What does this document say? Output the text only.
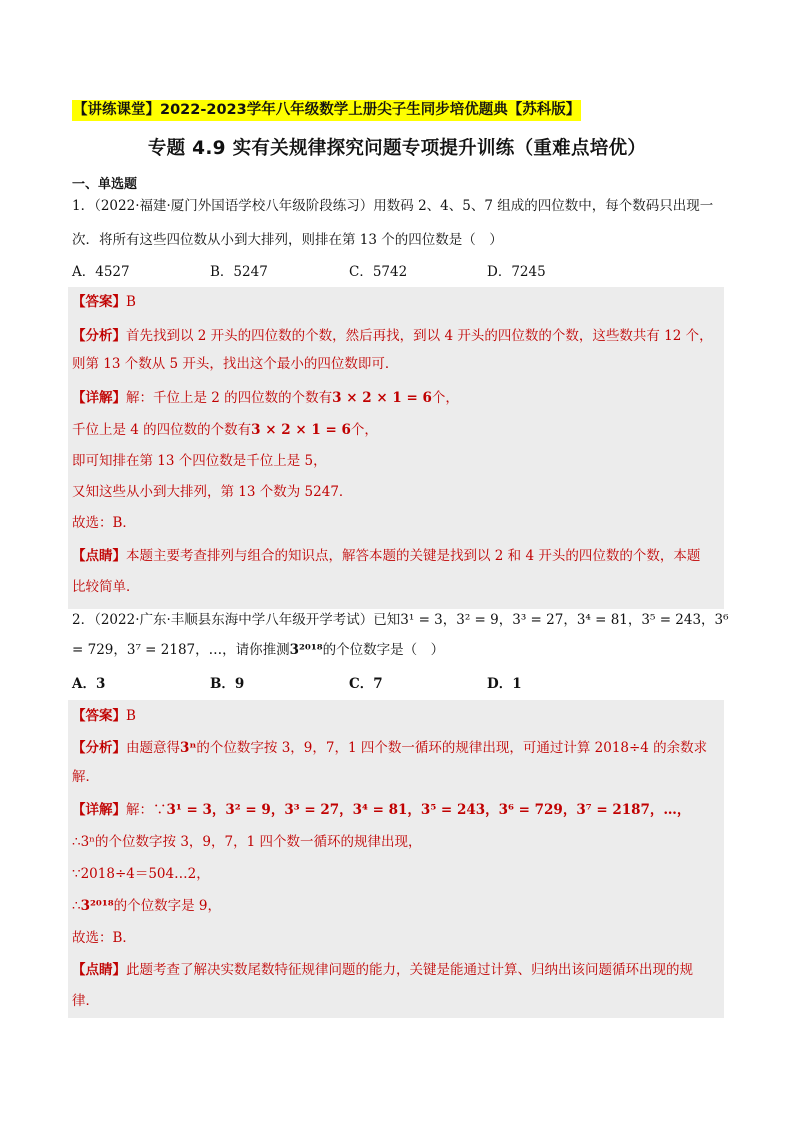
【讲练课堂】2022-2023学年八年级数学上册尖子生同步培优题典【苏科版】
专题 4.9 实有关规律探究问题专项提升训练（重难点培优）
一、单选题
1．（2022·福建·厦门外国语学校八年级阶段练习）用数码 2、4、5、7 组成的四位数中，每个数码只出现一
次．将所有这些四位数从小到大排列，则排在第 13 个的四位数是（　）
A．4527	B．5247	C．5742	D．7245
【答案】B
【分析】首先找到以 2 开头的四位数的个数，然后再找，到以 4 开头的四位数的个数，这些数共有 12 个，
则第 13 个数从 5 开头，找出这个最小的四位数即可．
【详解】解：千位上是 2 的四位数的个数有3 × 2 × 1 = 6个，
千位上是 4 的四位数的个数有3 × 2 × 1 = 6个，
即可知排在第 13 个四位数是千位上是 5，
又知这些从小到大排列，第 13 个数为 5247．
故选：B．
【点睛】本题主要考查排列与组合的知识点，解答本题的关键是找到以 2 和 4 开头的四位数的个数，本题
比较简单．
2．（2022·广东·丰顺县东海中学八年级开学考试）已知3¹ = 3，3² = 9，3³ = 27，3⁴ = 81，3⁵ = 243，3⁶
= 729，3⁷ = 2187，…，请你推测3²⁰¹⁸的个位数字是（　）
A．3	B．9	C．7	D．1
【答案】B
【分析】由题意得3ⁿ的个位数字按 3，9，7，1 四个数一循环的规律出现，可通过计算 2018÷4 的余数求
解．
【详解】解：∵3¹ = 3，3² = 9，3³ = 27，3⁴ = 81，3⁵ = 243，3⁶ = 729，3⁷ = 2187，…，
∴3ⁿ的个位数字按 3，9，7，1 四个数一循环的规律出现，
∵2018÷4＝504…2，
∴3²⁰¹⁸的个位数字是 9，
故选：B．
【点睛】此题考查了解决实数尾数特征规律问题的能力，关键是能通过计算、归纳出该问题循环出现的规
律．
